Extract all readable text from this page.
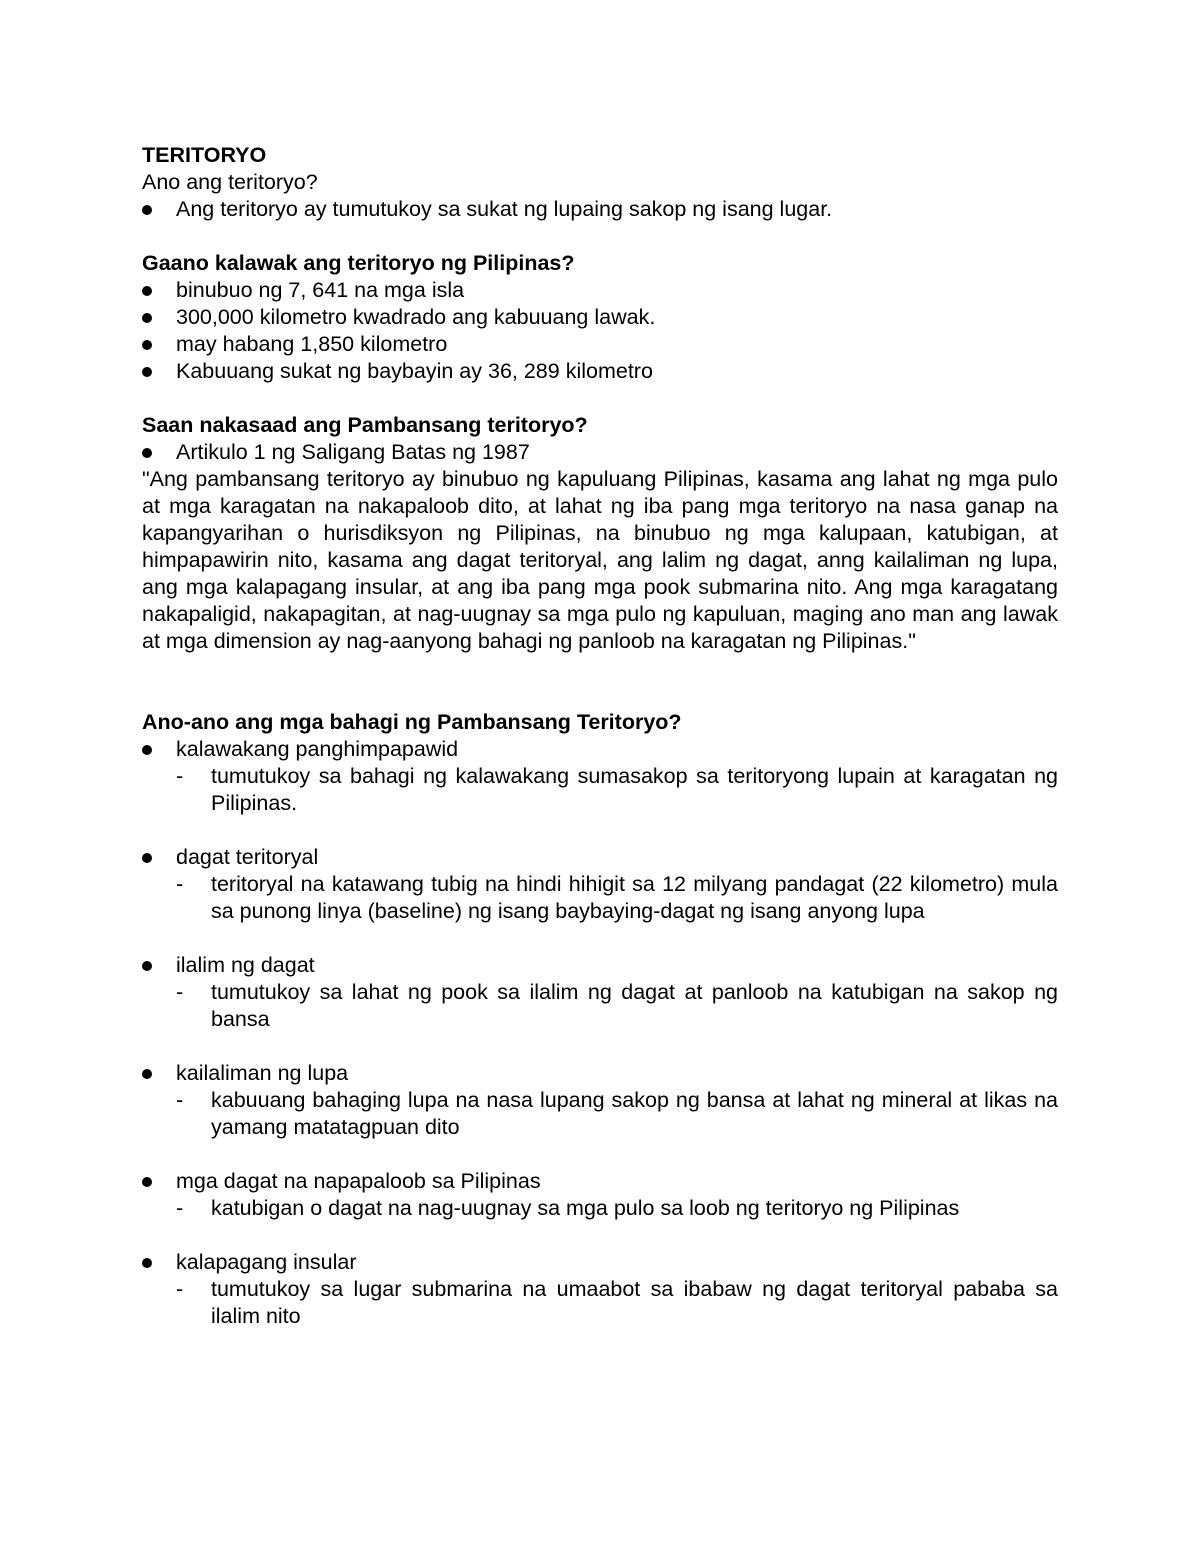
TERITORYO

Ano ang teritoryo?

Ang teritoryo ay tumutukoy sa sukat ng lupaing sakop ng isang lugar.

Gaano kalawak ang teritoryo ng Pilipinas?

binubuo ng 7, 641 na mga isla
300,000 kilometro kwadrado ang kabuuang lawak.
may habang 1,850 kilometro
Kabuuang sukat ng baybayin ay 36, 289 kilometro

Saan nakasaad ang Pambansang teritoryo?

Artikulo 1 ng Saligang Batas ng 1987

"Ang pambansang teritoryo ay binubuo ng kapuluang Pilipinas, kasama ang lahat ng mga pulo at mga karagatan na nakapaloob dito, at lahat ng iba pang mga teritoryo na nasa ganap na kapangyarihan o hurisdiksyon ng Pilipinas, na binubuo ng mga kalupaan, katubigan, at himpapawirin nito, kasama ang dagat teritoryal, ang lalim ng dagat, anng kailaliman ng lupa, ang mga kalapagang insular, at ang iba pang mga pook submarina nito. Ang mga karagatang nakapaligid, nakapagitan, at nag-uugnay sa mga pulo ng kapuluan, maging ano man ang lawak at mga dimension ay nag-aanyong bahagi ng panloob na karagatan ng Pilipinas."

Ano-ano ang mga bahagi ng Pambansang Teritoryo?

kalawakang panghimpapawid

- tumutukoy sa bahagi ng kalawakang sumasakop sa teritoryong lupain at karagatan ng Pilipinas.

dagat teritoryal

- teritoryal na katawang tubig na hindi hihigit sa 12 milyang pandagat (22 kilometro) mula sa punong linya (baseline) ng isang baybaying-dagat ng isang anyong lupa

ilalim ng dagat

- tumutukoy sa lahat ng pook sa ilalim ng dagat at panloob na katubigan na sakop ng bansa

kailaliman ng lupa

- kabuuang bahaging lupa na nasa lupang sakop ng bansa at lahat ng mineral at likas na yamang matatagpuan dito

mga dagat na napapaloob sa Pilipinas

- katubigan o dagat na nag-uugnay sa mga pulo sa loob ng teritoryo ng Pilipinas

kalapagang insular

- tumutukoy sa lugar submarina na umaabot sa ibabaw ng dagat teritoryal pababa sa ilalim nito
